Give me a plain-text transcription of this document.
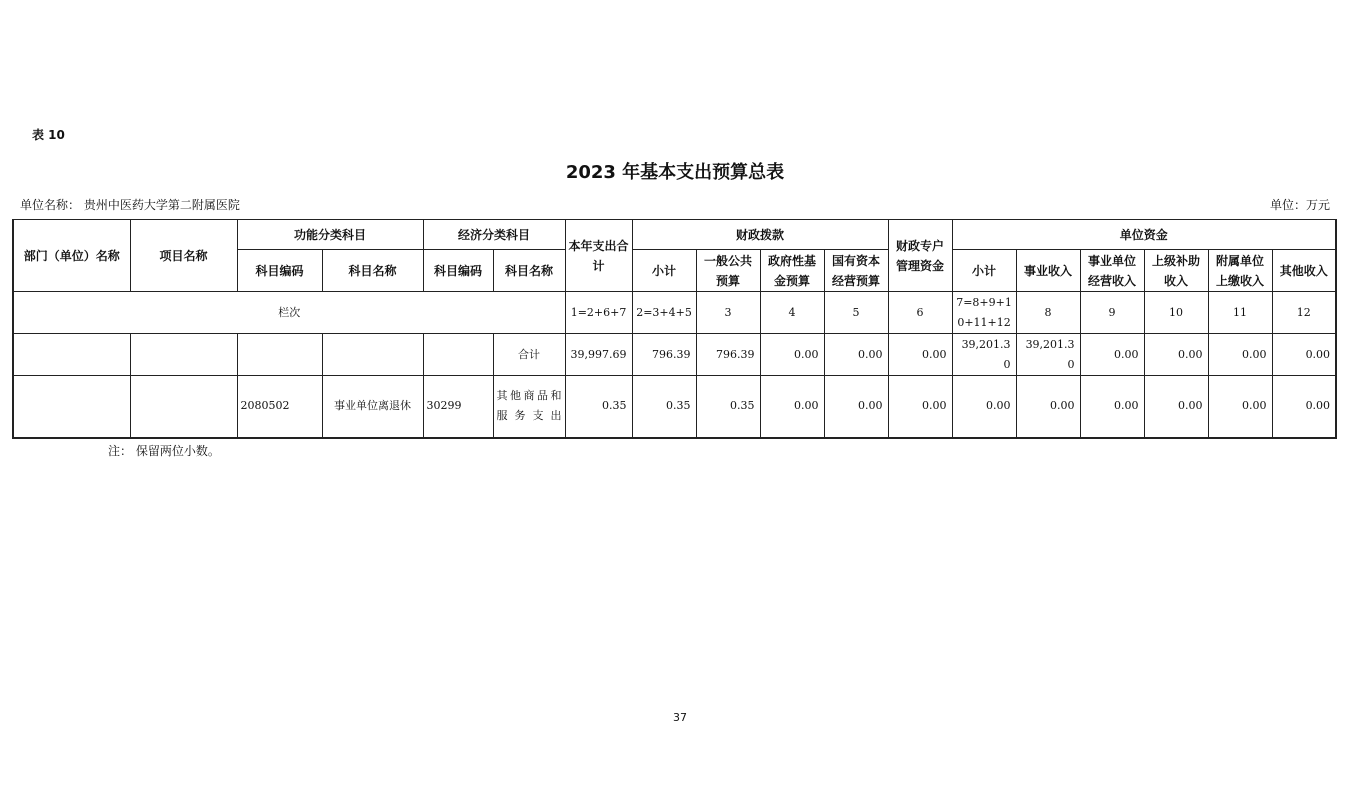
表 10
2023 年基本支出预算总表
单位名称： 贵州中医药大学第二附属医院	单位：万元
部门（单位）名称	项目名称	功能分类科目		经济分类科目		本年支出合计	财政拨款				财政专户管理资金	单位资金					
		科目编码	科目名称	科目编码	科目名称		小计	一般公共预算	政府性基金预算	国有资本经营预算		小计	事业收入	事业单位经营收入	上级补助收入	附属单位上缴收入	其他收入
栏次						1=2+6+7	2=3+4+5	3	4	5	6	7=8+9+10+11+12	8	9	10	11	12
					合计	39,997.69	796.39	796.39	0.00	0.00	0.00	39,201.30	39,201.30	0.00	0.00	0.00	0.00
		2080502	事业单位离退休	30299	其他商品和服务支出	0.35	0.35	0.35	0.00	0.00	0.00	0.00	0.00	0.00	0.00	0.00	0.00
注： 保留两位小数。
37
